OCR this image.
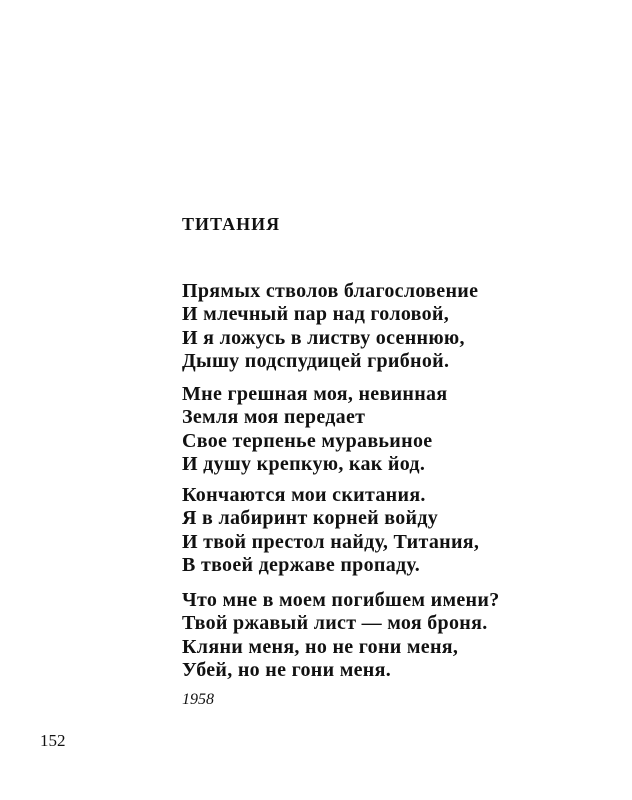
ТИТАНИЯ
Прямых стволов благословение
И млечный пар над головой,
И я ложусь в листву осеннюю,
Дышу подспудицей грибной.
Мне грешная моя, невинная
Земля моя передает
Свое терпенье муравьиное
И душу крепкую, как йод.
Кончаются мои скитания.
Я в лабиринт корней войду
И твой престол найду, Титания,
В твоей державе пропаду.
Что мне в моем погибшем имени?
Твой ржавый лист — моя броня.
Кляни меня, но не гони меня,
Убей, но не гони меня.
1958
152
